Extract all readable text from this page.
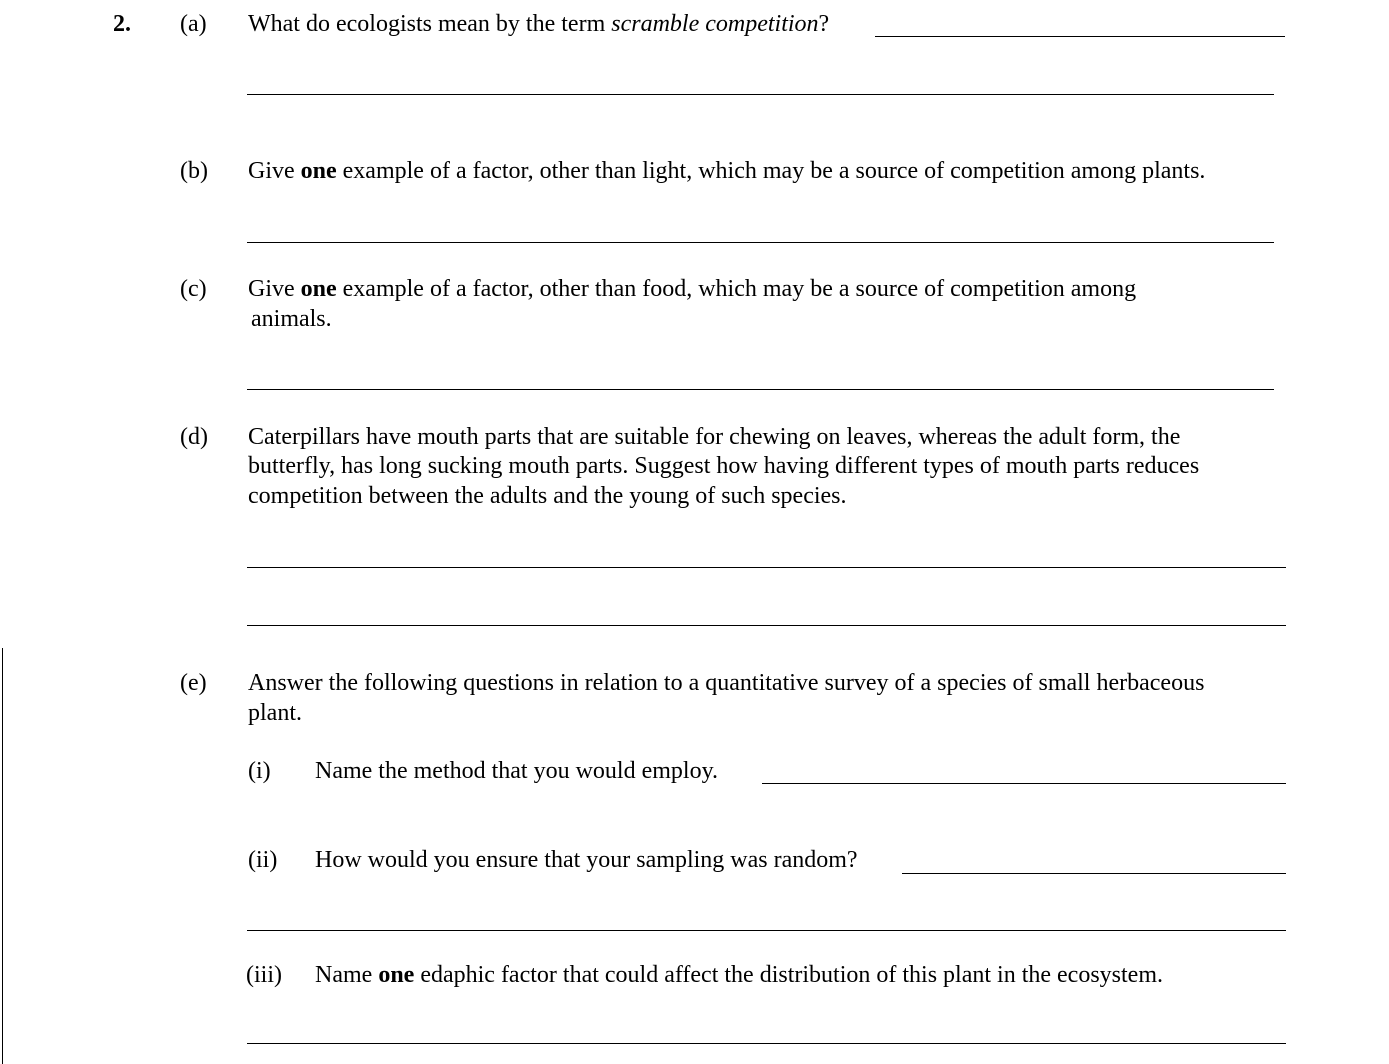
2. (a) What do ecologists mean by the term scramble competition?
(b) Give one example of a factor, other than light, which may be a source of competition among plants.
(c) Give one example of a factor, other than food, which may be a source of competition among
animals.
(d) Caterpillars have mouth parts that are suitable for chewing on leaves, whereas the adult form, the
butterfly, has long sucking mouth parts. Suggest how having different types of mouth parts reduces
competition between the adults and the young of such species.
(e) Answer the following questions in relation to a quantitative survey of a species of small herbaceous
plant.
(i) Name the method that you would employ.
(ii) How would you ensure that your sampling was random?
(iii) Name one edaphic factor that could affect the distribution of this plant in the ecosystem.
